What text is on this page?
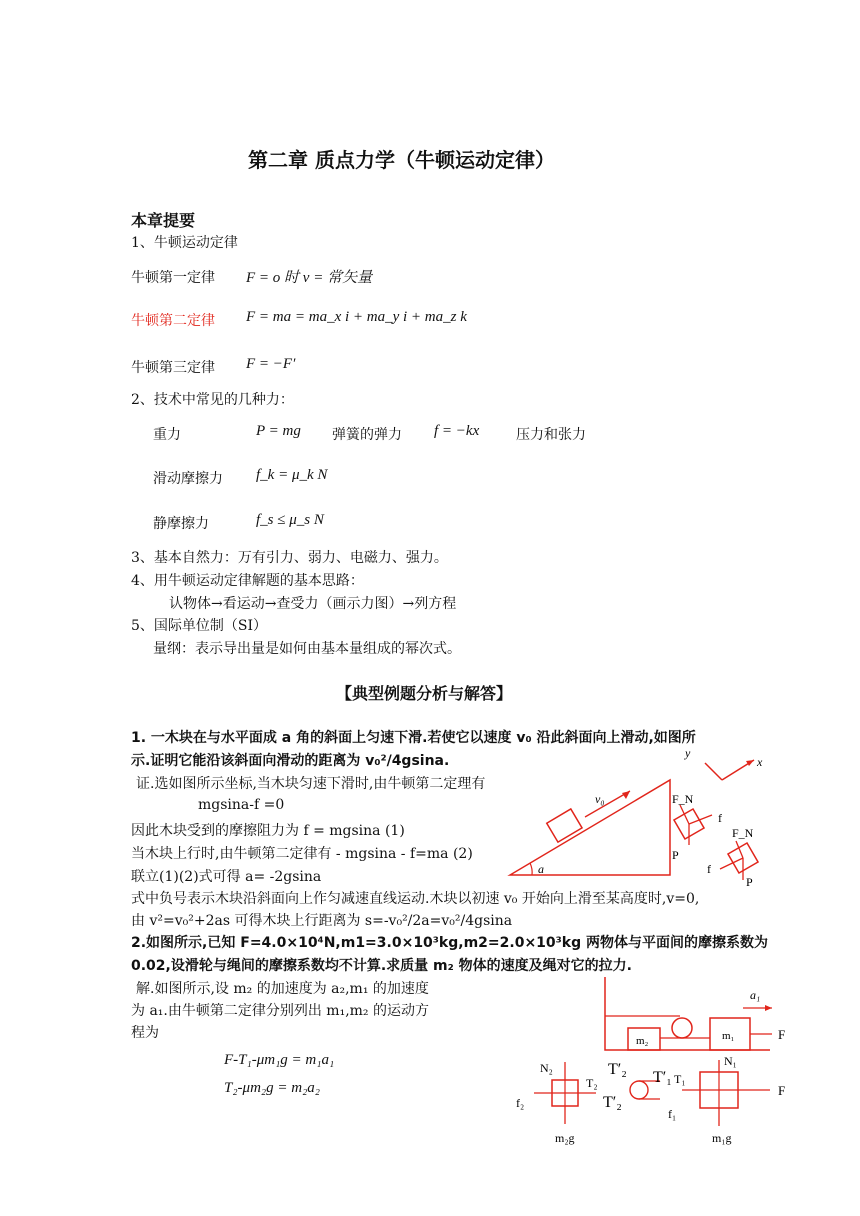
第二章 质点力学（牛顿运动定律）
本章提要
1、牛顿运动定律
牛顿第一定律 F = o 时 v = 常矢量
牛顿第二定律 F = ma = ma_x i + ma_y i + ma_z k
牛顿第三定律 F = −F′
2、技术中常见的几种力：
重力	P = mg 弹簧的弹力 f = −kx	压力和张力
滑动摩擦力 f_k = μ_k N
静摩擦力	f_s ≤ μ_s N
3、基本自然力：万有引力、弱力、电磁力、强力。
4、用牛顿运动定律解题的基本思路：
认物体→看运动→查受力（画示力图）→列方程
5、国际单位制（SI）
量纲：表示导出量是如何由基本量组成的幂次式。
【典型例题分析与解答】
1. 一木块在与水平面成 a 角的斜面上匀速下滑.若使它以速度 v₀ 沿此斜面向上滑动,如图所
示.证明它能沿该斜面向滑动的距离为 v₀²/4gsina.
证.选如图所示坐标,当木块匀速下滑时,由牛顿第二定理有
mgsina-f =0
因此木块受到的摩擦阻力为 f = mgsina (1)
当木块上行时,由牛顿第二定律有 - mgsina - f=ma (2)
联立(1)(2)式可得 a= -2gsina
式中负号表示木块沿斜面向上作匀减速直线运动.木块以初速 v₀ 开始向上滑至某高度时,v=0,
由 v²=v₀²+2as 可得木块上行距离为 s=-v₀²/2a=v₀²/4gsina
v₀
a
y
x
F_N
f
P
F_N
f
P
2.如图所示,已知 F=4.0×10⁴N,m1=3.0×10³kg,m2=2.0×10³kg 两物体与平面间的摩擦系数为
0.02,设滑轮与绳间的摩擦系数均不计算.求质量 m₂ 物体的速度及绳对它的拉力.
解.如图所示,设 m₂ 的加速度为 a₂,m₁ 的加速度
为 a₁.由牛顿第二定律分别列出 m₁,m₂ 的运动方
程为
F-T₁-μm₁g = m₁a₁
T₂-μm₂g = m₂a₂
m₂	m₁	F
a₁
N₂
T₂
f₂
m₂g
T′₂
T′₂
T′₁
N₁
T₁
f₁
F
m₁g
